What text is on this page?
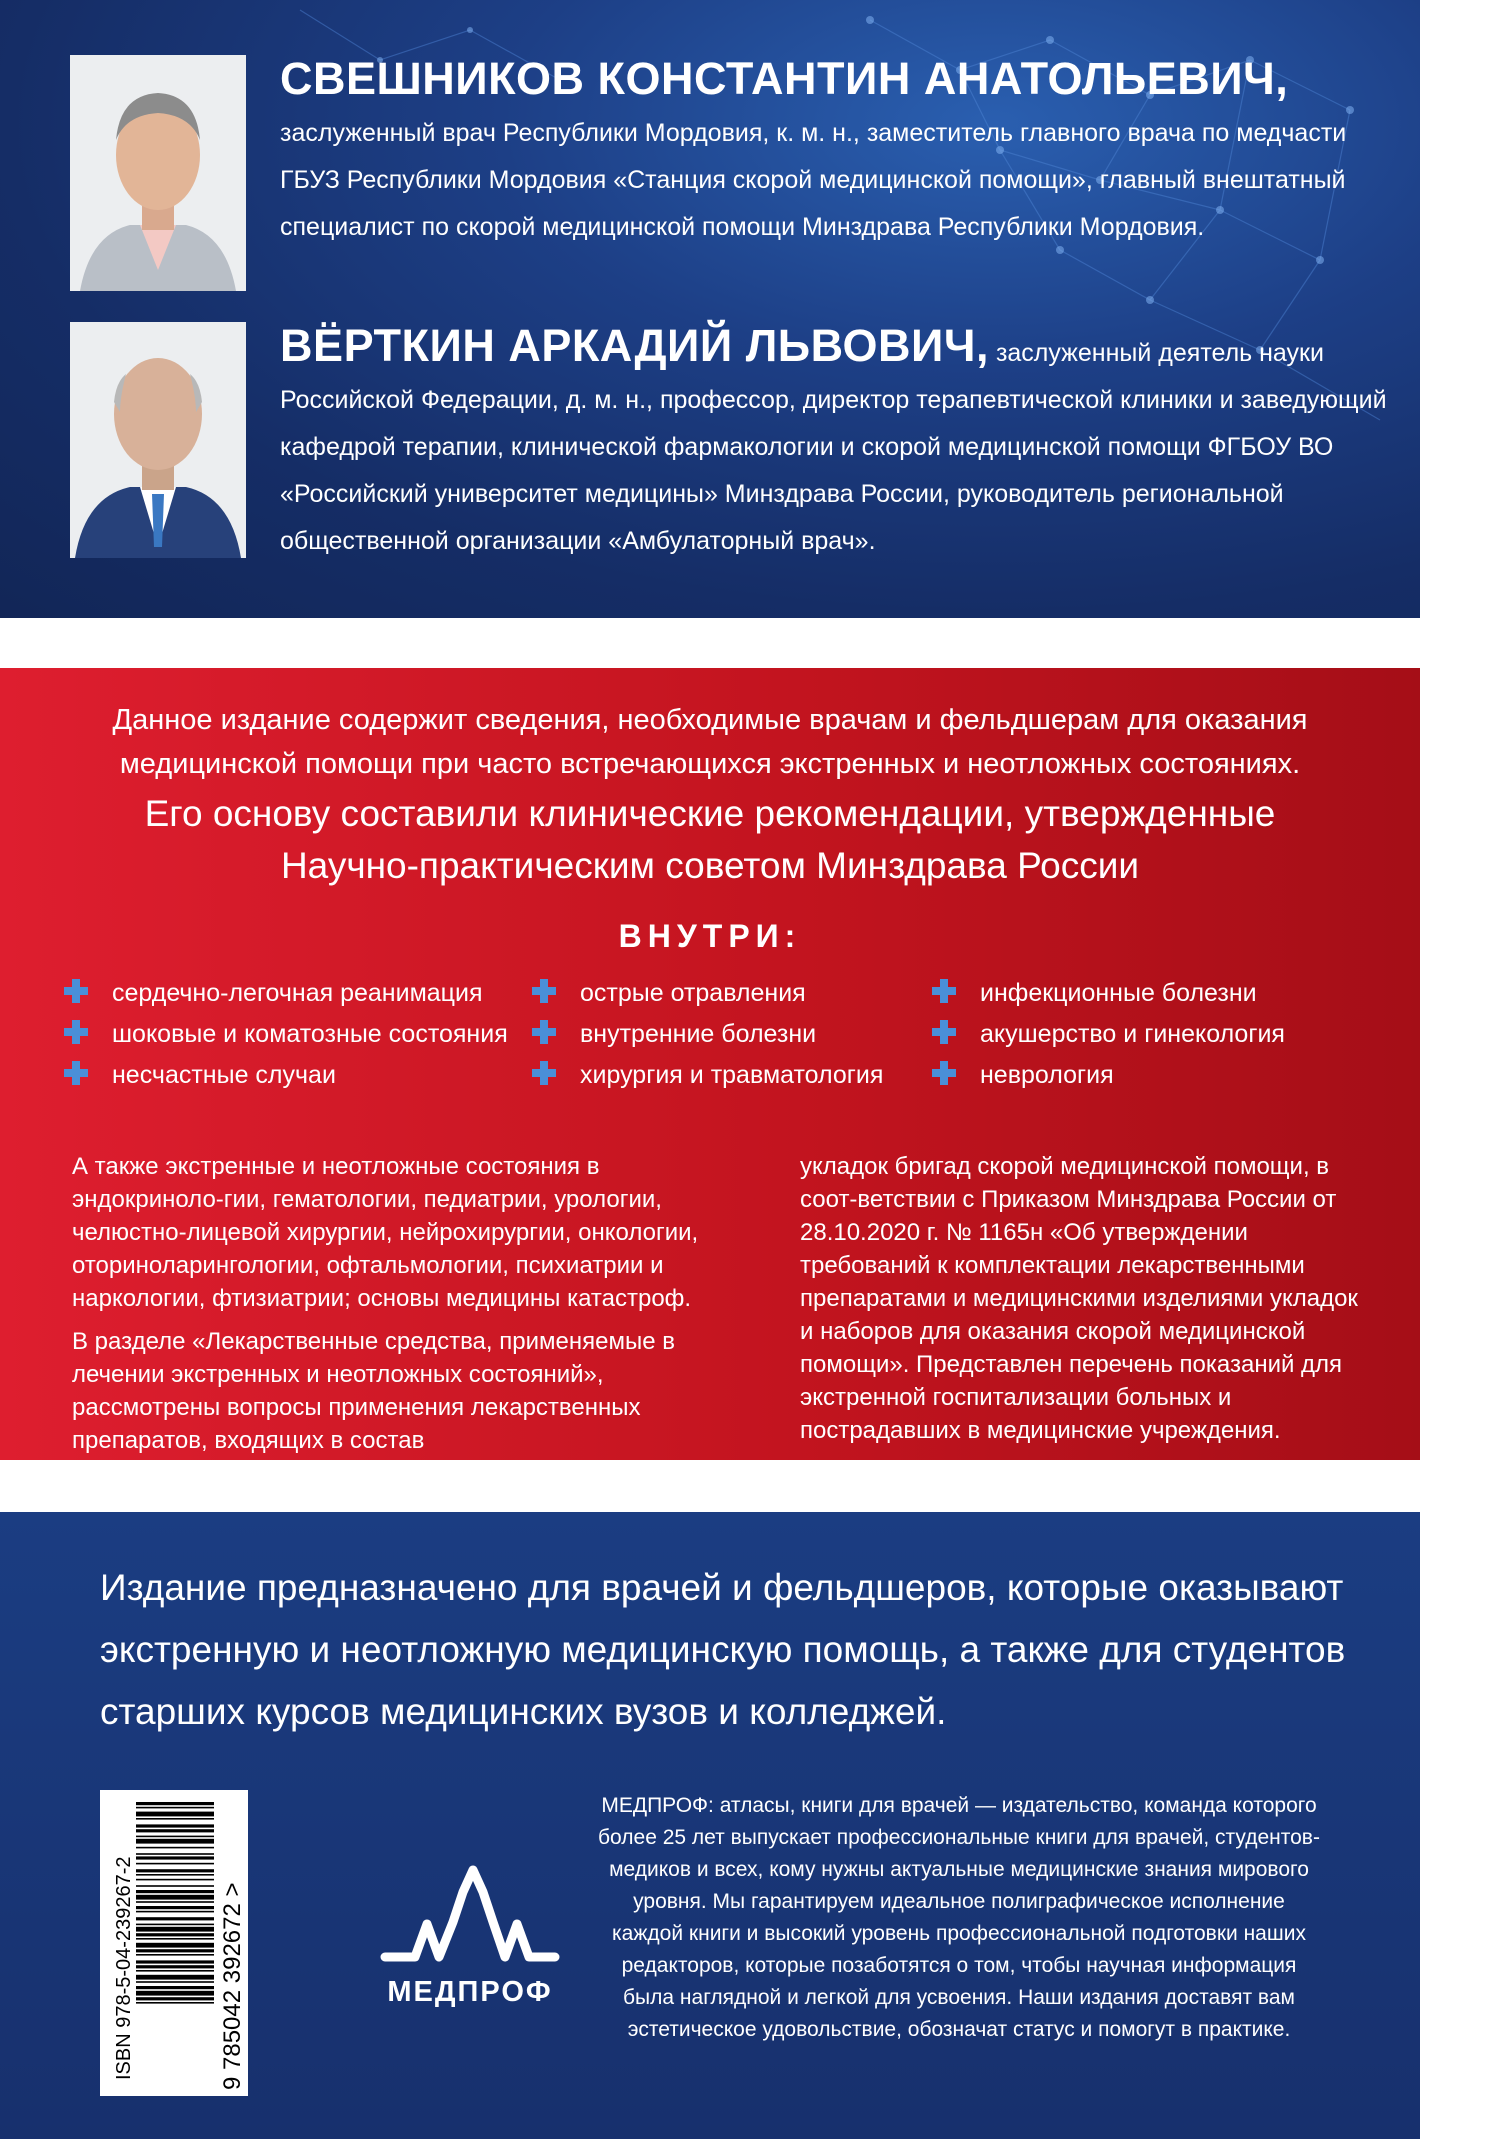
СВЕШНИКОВ КОНСТАНТИН АНАТОЛЬЕВИЧ, заслуженный врач Республики Мордовия, к. м. н., заместитель главного врача по медчасти ГБУЗ Республики Мордовия «Станция скорой медицинской помощи», главный внештатный специалист по скорой медицинской помощи Минздрава Республики Мордовия.
ВЁРТКИН АРКАДИЙ ЛЬВОВИЧ, заслуженный деятель науки Российской Федерации, д. м. н., профессор, директор терапевтической клиники и заведующий кафедрой терапии, клинической фармакологии и скорой медицинской помощи ФГБОУ ВО «Российский университет медицины» Минздрава России, руководитель региональной общественной организации «Амбулаторный врач».
Данное издание содержит сведения, необходимые врачам и фельдшерам для оказания
медицинской помощи при часто встречающихся экстренных и неотложных состояниях.
Его основу составили клинические рекомендации, утвержденные
Научно-практическим советом Минздрава России
ВНУТРИ:
сердечно-легочная реанимация
шоковые и коматозные состояния
несчастные случаи
острые отравления
внутренние болезни
хирургия и травматология
инфекционные болезни
акушерство и гинекология
неврология

А также экстренные и неотложные состояния в эндокриноло-гии, гематологии, педиатрии, урологии, челюстно-лицевой хирургии, нейрохирургии, онкологии, оториноларингологии, офтальмологии, психиатрии и наркологии, фтизиатрии; основы медицины катастроф.

В разделе «Лекарственные средства, применяемые в лечении экстренных и неотложных состояний», рассмотрены вопросы применения лекарственных препаратов, входящих в состав

укладок бригад скорой медицинской помощи, в соот-ветствии с Приказом Минздрава России от 28.10.2020 г. № 1165н «Об утверждении требований к комплектации лекарственными препаратами и медицинскими изделиями укладок и наборов для оказания скорой медицинской помощи». Представлен перечень показаний для экстренной госпитализации больных и пострадавших в медицинские учреждения.

Издание предназначено для врачей и фельдшеров, которые оказывают экстренную и неотложную медицинскую помощь, а также для студентов старших курсов медицинских вузов и колледжей.
ISBN 978-5-04-239267-2	9 785042 392672 >	МЕДПРОФ
МЕДПРОФ: атласы, книги для врачей — издательство, команда которого более 25 лет выпускает профессиональные книги для врачей, студентов-медиков и всех, кому нужны актуальные медицинские знания мирового уровня. Мы гарантируем идеальное полиграфическое исполнение каждой книги и высокий уровень профессиональной подготовки наших редакторов, которые позаботятся о том, чтобы научная информация была наглядной и легкой для усвоения. Наши издания доставят вам эстетическое удовольствие, обозначат статус и помогут в практике.
